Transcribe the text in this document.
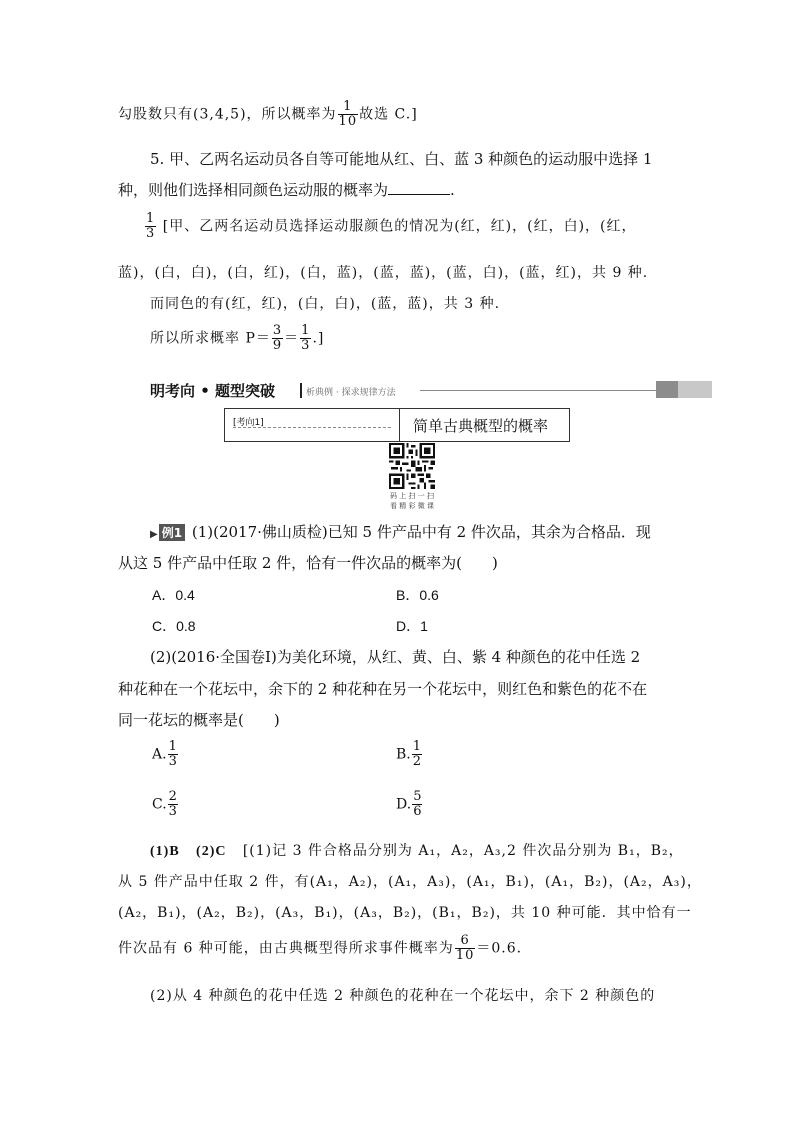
勾股数只有(3,4,5)，所以概率为 $\frac{1}{10}$ 故选 C.]
5. 甲、乙两名运动员各自等可能地从红、白、蓝 3 种颜色的运动服中选择 1
种，则他们选择相同颜色运动服的概率为	.
$\frac{1}{3}$ [甲、乙两名运动员选择运动服颜色的情况为(红，红)，(红，白)，(红，
蓝)，(白，白)，(白，红)，(白，蓝)，(蓝，蓝)，(蓝，白)，(蓝，红)，共 9 种.
而同色的有(红，红)，(白，白)，(蓝，蓝)，共 3 种.
所以所求概率 $P= \frac{3}{9} = \frac{1}{3}$ .]
明考向 • 题型突破	析典例 · 探求规律方法
[考向1]	简单古典概型的概率
码 上 扫 一 扫
看 精 彩 微 课
▶ 例1 (1)(2017·佛山质检)已知 5 件产品中有 2 件次品，其余为合格品．现
从这 5 件产品中任取 2 件，恰有一件次品的概率为(　　)
A．0.4	B．0.6
C．0.8	D．1
(2)(2016·全国卷Ⅰ)为美化环境，从红、黄、白、紫 4 种颜色的花中任选 2
种花种在一个花坛中，余下的 2 种花种在另一个花坛中，则红色和紫色的花不在
同一花坛的概率是(　　)
A. $\frac{1}{3}$	B. $\frac{1}{2}$
C. $\frac{2}{3}$	D. $\frac{5}{6}$
(1)B (2)C [(1)记 3 件合格品分别为 A₁，A₂，A₃,2 件次品分别为 B₁，B₂，
从 5 件产品中任取 2 件，有(A₁，A₂)，(A₁，A₃)，(A₁，B₁)，(A₁，B₂)，(A₂，A₃)，
(A₂，B₁)，(A₂，B₂)，(A₃，B₁)，(A₃，B₂)，(B₁，B₂)，共 10 种可能．其中恰有一
件次品有 6 种可能，由古典概型得所求事件概率为 $\frac{6}{10} =0.6$.
(2)从 4 种颜色的花中任选 2 种颜色的花种在一个花坛中，余下 2 种颜色的
